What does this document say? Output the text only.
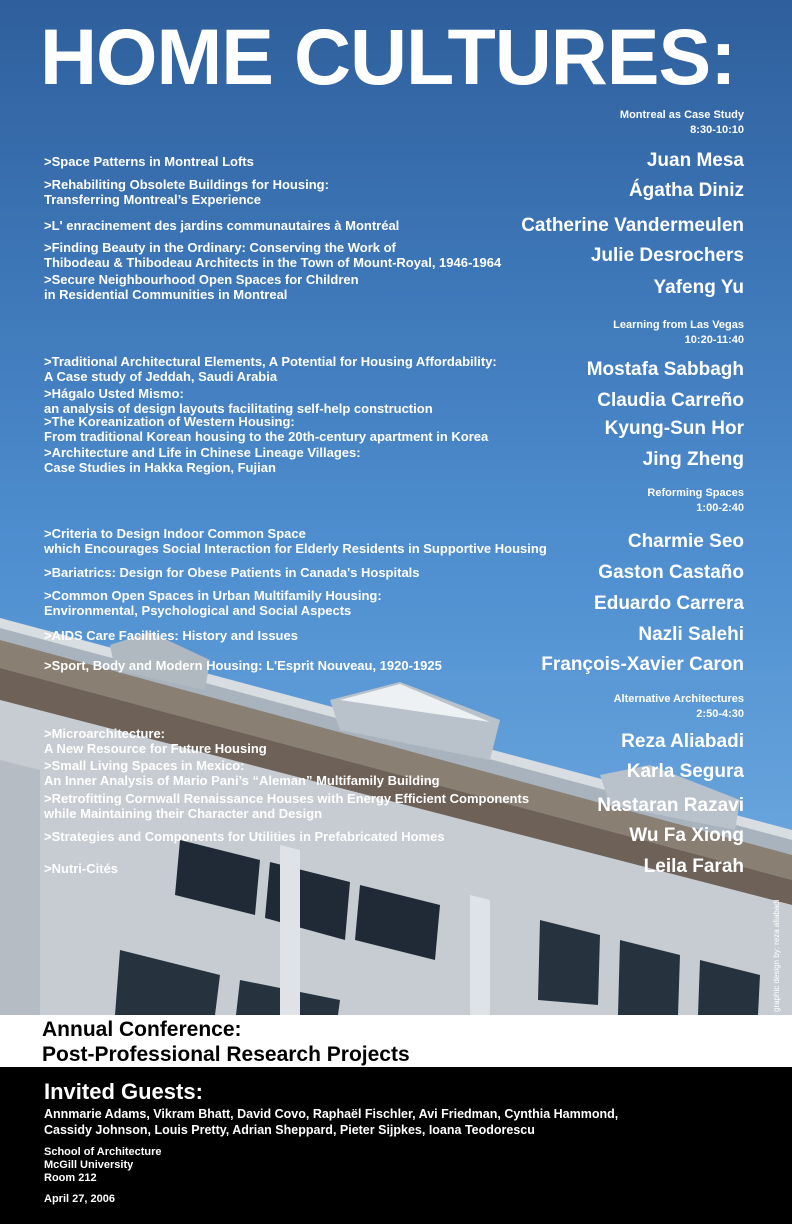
HOME CULTURES:
Montreal as Case Study
8:30-10:10
Learning from Las Vegas
10:20-11:40
Reforming Spaces
1:00-2:40
Alternative Architectures
2:50-4:30
>Space Patterns in Montreal Lofts	Juan Mesa
>Rehabiliting Obsolete Buildings for Housing:
Transferring Montreal’s Experience	Ágatha Diniz
>L' enracinement des jardins communautaires à Montréal	Catherine Vandermeulen
>Finding Beauty in the Ordinary: Conserving the Work of
Thibodeau & Thibodeau Architects in the Town of Mount-Royal, 1946-1964	Julie Desrochers
>Secure Neighbourhood Open Spaces for Children
in Residential Communities in Montreal	Yafeng Yu
>Traditional Architectural Elements, A Potential for Housing Affordability:
A Case study of Jeddah, Saudi Arabia	Mostafa Sabbagh
>Hágalo Usted Mismo:
an analysis of design layouts facilitating self-help construction	Claudia Carreño
>The Koreanization of Western Housing:
From traditional Korean housing to the 20th-century apartment in Korea	Kyung-Sun Hor
>Architecture and Life in Chinese Lineage Villages:
Case Studies in Hakka Region, Fujian	Jing Zheng
>Criteria to Design Indoor Common Space
which Encourages Social Interaction for Elderly Residents in Supportive Housing	Charmie Seo
>Bariatrics: Design for Obese Patients in Canada's Hospitals	Gaston Castaño
>Common Open Spaces in Urban Multifamily Housing:
Environmental, Psychological and Social Aspects	Eduardo Carrera
>AIDS Care Facilities: History and Issues	Nazli Salehi
>Sport, Body and Modern Housing: L'Esprit Nouveau, 1920-1925	François-Xavier Caron
>Microarchitecture:
A New Resource for Future Housing	Reza Aliabadi
>Small Living Spaces in Mexico:
An Inner Analysis of Mario Pani’s “Aleman” Multifamily Building	Karla Segura
>Retrofitting Cornwall Renaissance Houses with Energy Efficient Components
while Maintaining their Character and Design	Nastaran Razavi
>Strategies and Components for Utilities in Prefabricated Homes	Wu Fa Xiong
>Nutri-Cités	Leila Farah
graphic design by: reza aliabadi
Annual Conference:
Post-Professional Research Projects
Invited Guests:
Annmarie Adams, Vikram Bhatt, David Covo, Raphaël Fischler, Avi Friedman, Cynthia Hammond,
Cassidy Johnson, Louis Pretty, Adrian Sheppard, Pieter Sijpkes, Ioana Teodorescu
School of Architecture
McGill University
Room 212
April 27, 2006
